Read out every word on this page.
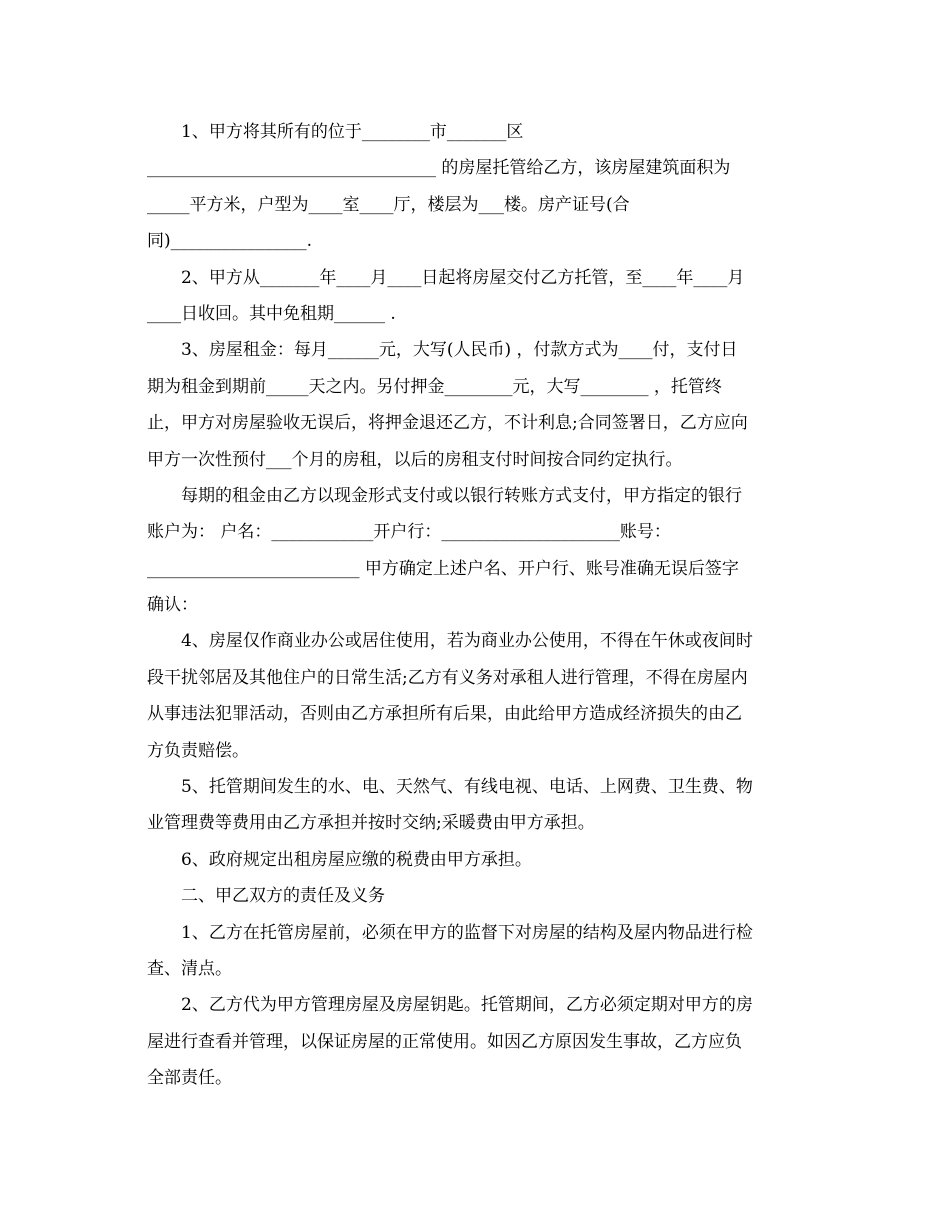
1、甲方将其所有的位于________市_______区
__________________________________ 的房屋托管给乙方，该房屋建筑面积为
_____平方米，户型为____室____厅，楼层为___楼。房产证号(合
同)________________.
2、甲方从_______年____月____日起将房屋交付乙方托管，至____年____月
____日收回。其中免租期______ .
3、房屋租金：每月______元，大写(人民币) ，付款方式为____付，支付日
期为租金到期前_____天之内。另付押金________元，大写________ ，托管终
止，甲方对房屋验收无误后，将押金退还乙方，不计利息;合同签署日，乙方应向
甲方一次性预付___个月的房租，以后的房租支付时间按合同约定执行。
每期的租金由乙方以现金形式支付或以银行转账方式支付，甲方指定的银行
账户为： 户名：____________开户行：_____________________账号：
_________________________ 甲方确定上述户名、开户行、账号准确无误后签字
确认：
4、房屋仅作商业办公或居住使用，若为商业办公使用，不得在午休或夜间时
段干扰邻居及其他住户的日常生活;乙方有义务对承租人进行管理，不得在房屋内
从事违法犯罪活动，否则由乙方承担所有后果，由此给甲方造成经济损失的由乙
方负责赔偿。
5、托管期间发生的水、电、天然气、有线电视、电话、上网费、卫生费、物
业管理费等费用由乙方承担并按时交纳;采暖费由甲方承担。
6、政府规定出租房屋应缴的税费由甲方承担。
二、甲乙双方的责任及义务
1、乙方在托管房屋前，必须在甲方的监督下对房屋的结构及屋内物品进行检
查、清点。
2、乙方代为甲方管理房屋及房屋钥匙。托管期间，乙方必须定期对甲方的房
屋进行查看并管理，以保证房屋的正常使用。如因乙方原因发生事故，乙方应负
全部责任。
